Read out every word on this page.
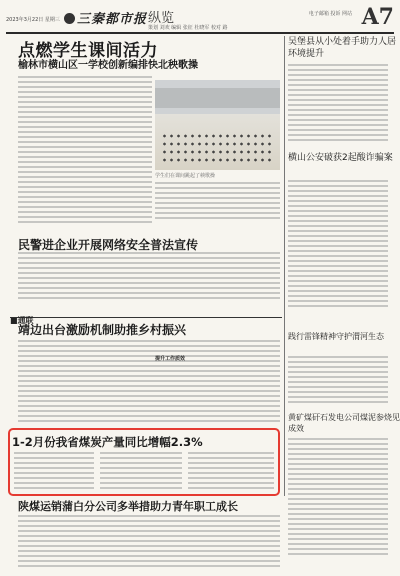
2023年3月22日 星期三	三秦都市报 纵览
策划 刘欢 编辑 张征 杜晓军 校对 路
电子邮箱 投诉 网站 A7
点燃学生课间活力
榆林市横山区一学校创新编排快北秧歌操
学生们在课间跳起了秧歌操
吴堡县从小处着手助力人居环境提升
横山公安破获2起酸诈骗案
民警进企业开展网络安全普法宣传
■通联
靖边出台激励机制助推乡村振兴
提升工作质效
践行雷锋精神守护渭河生态
黄矿煤矸石发电公司煤泥参烧见成效
1-2月份我省煤炭产量同比增幅2.3%
陕煤运销蒲白分公司多举措助力青年职工成长
